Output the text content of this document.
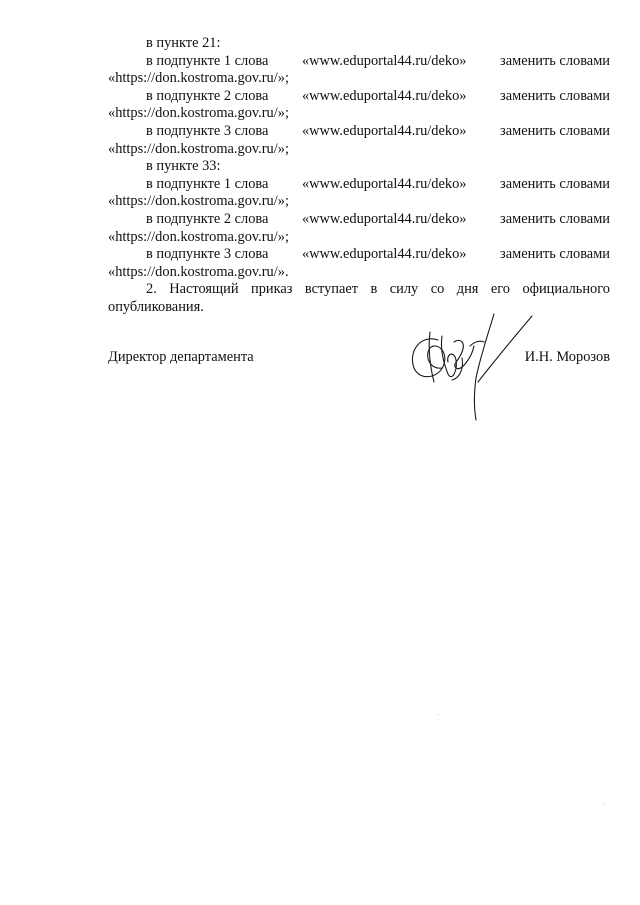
в пункте 21:
в подпункте 1 слова «www.eduportal44.ru/deko» заменить словами
«https://don.kostroma.gov.ru/»;
в подпункте 2 слова «www.eduportal44.ru/deko» заменить словами
«https://don.kostroma.gov.ru/»;
в подпункте 3 слова «www.eduportal44.ru/deko» заменить словами
«https://don.kostroma.gov.ru/»;
в пункте 33:
в подпункте 1 слова «www.eduportal44.ru/deko» заменить словами
«https://don.kostroma.gov.ru/»;
в подпункте 2 слова «www.eduportal44.ru/deko» заменить словами
«https://don.kostroma.gov.ru/»;
в подпункте 3 слова «www.eduportal44.ru/deko» заменить словами
«https://don.kostroma.gov.ru/».
2. Настоящий приказ вступает в силу со дня его официального
опубликования.
Директор департамента	И.Н. Морозов
